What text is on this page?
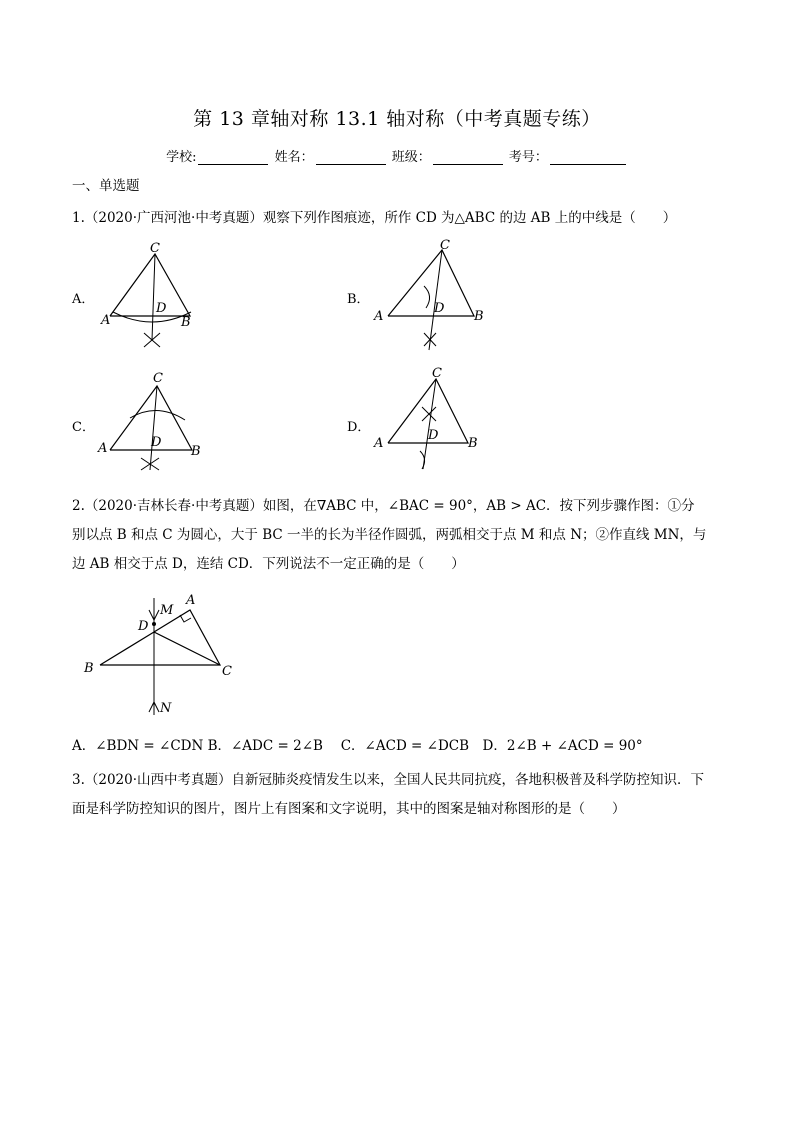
第 13 章轴对称 13.1 轴对称（中考真题专练）
学校:	姓名：	班级：	考号：
一、单选题
1.（2020·广西河池·中考真题）观察下列作图痕迹，所作 CD 为△ABC 的边 AB 上的中线是（　　）
A．
C
A	B
D
B．
C
A	B
D
C．
C
A	B
D
D．
C
A	B
D
2.（2020·吉林长春·中考真题）如图，在∇ABC 中，∠BAC = 90°，AB > AC．按下列步骤作图：①分
别以点 B 和点 C 为圆心，大于 BC 一半的长为半径作圆弧，两弧相交于点 M 和点 N；②作直线 MN，与
边 AB 相交于点 D，连结 CD．下列说法不一定正确的是（　　）
M
A
D
B	C
N
A．∠BDN = ∠CDN B．∠ADC = 2∠B　 C．∠ACD = ∠DCB　D．2∠B + ∠ACD = 90°
3.（2020·山西中考真题）自新冠肺炎疫情发生以来，全国人民共同抗疫，各地积极普及科学防控知识．下
面是科学防控知识的图片，图片上有图案和文字说明，其中的图案是轴对称图形的是（　　）
